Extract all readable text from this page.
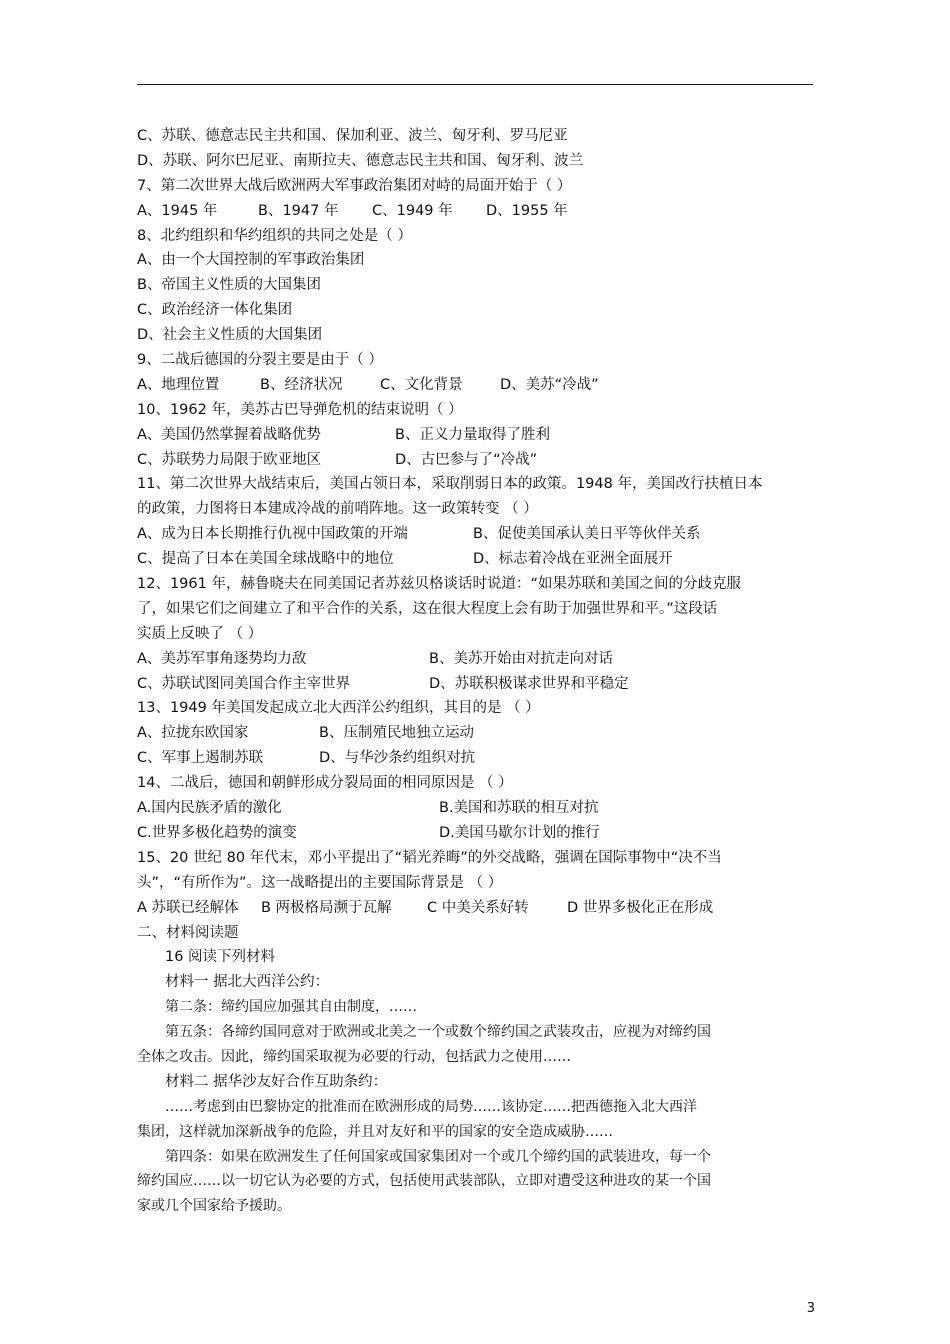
C、苏联、德意志民主共和国、保加利亚、波兰、匈牙利、罗马尼亚
D、苏联、阿尔巴尼亚、南斯拉夫、德意志民主共和国、匈牙利、波兰
7、第二次世界大战后欧洲两大军事政治集团对峙的局面开始于（ ）
A、1945 年	B、1947 年	C、1949 年	D、1955 年
8、北约组织和华约组织的共同之处是（ ）
A、由一个大国控制的军事政治集团
B、帝国主义性质的大国集团
C、政治经济一体化集团
D、社会主义性质的大国集团
9、二战后德国的分裂主要是由于（ ）
A、地理位置	B、经济状况	C、文化背景	D、美苏“冷战”
10、1962 年，美苏古巴导弹危机的结束说明（ ）
A、美国仍然掌握着战略优势	B、正义力量取得了胜利
C、苏联势力局限于欧亚地区	D、古巴参与了“冷战”
11、第二次世界大战结束后，美国占领日本，采取削弱日本的政策。1948 年，美国改行扶植日本
的政策，力图将日本建成冷战的前哨阵地。这一政策转变 （ ）
A、成为日本长期推行仇视中国政策的开端	B、促使美国承认美日平等伙伴关系
C、提高了日本在美国全球战略中的地位	D、标志着冷战在亚洲全面展开
12、1961 年，赫鲁晓夫在同美国记者苏兹贝格谈话时说道：“如果苏联和美国之间的分歧克服
了，如果它们之间建立了和平合作的关系，这在很大程度上会有助于加强世界和平。”这段话
实质上反映了 （ ）
A、美苏军事角逐势均力敌	B、美苏开始由对抗走向对话
C、苏联试图同美国合作主宰世界	D、苏联积极谋求世界和平稳定
13、1949 年美国发起成立北大西洋公约组织，其目的是 （ ）
A、拉拢东欧国家	B、压制殖民地独立运动
C、军事上遏制苏联	D、与华沙条约组织对抗
14、二战后，德国和朝鲜形成分裂局面的相同原因是 （ ）
A.国内民族矛盾的激化	B.美国和苏联的相互对抗
C.世界多极化趋势的演变	D.美国马歇尔计划的推行
15、20 世纪 80 年代末，邓小平提出了“韬光养晦”的外交战略，强调在国际事物中“决不当
头”，“有所作为”。这一战略提出的主要国际背景是 （ ）
A 苏联已经解体	B 两极格局濒于瓦解	C 中美关系好转	D 世界多极化正在形成
二、材料阅读题
16 阅读下列材料
材料一 据北大西洋公约：
第二条：缔约国应加强其自由制度，……
第五条：各缔约国同意对于欧洲或北美之一个或数个缔约国之武装攻击，应视为对缔约国
全体之攻击。因此，缔约国采取视为必要的行动，包括武力之使用……
材料二 据华沙友好合作互助条约：
……考虑到由巴黎协定的批准而在欧洲形成的局势……该协定……把西德拖入北大西洋
集团，这样就加深新战争的危险，并且对友好和平的国家的安全造成威胁……
第四条：如果在欧洲发生了任何国家或国家集团对一个或几个缔约国的武装进攻，每一个
缔约国应……以一切它认为必要的方式，包括使用武装部队，立即对遭受这种进攻的某一个国
家或几个国家给予援助。
3
